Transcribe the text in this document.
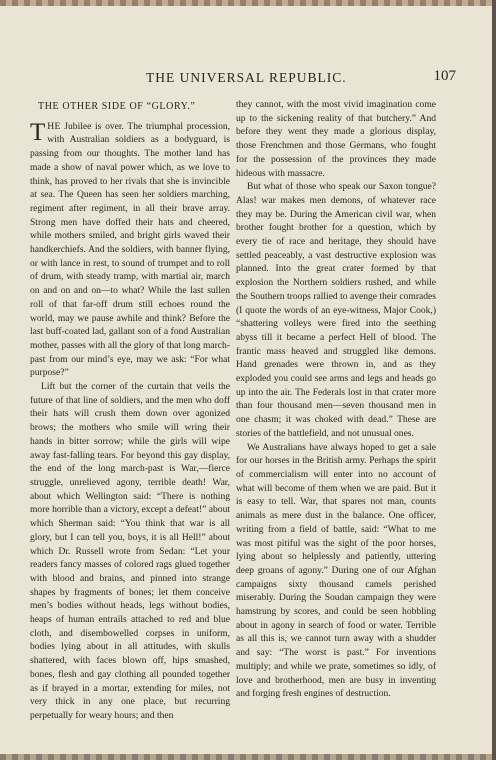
THE UNIVERSAL REPUBLIC.	107
THE OTHER SIDE OF “GLORY.”

THE Jubilee is over. The triumphal procession, with Australian soldiers as a bodyguard, is passing from our thoughts. The mother land has made a show of naval power which, as we love to think, has proved to her rivals that she is invincible at sea. The Queen has seen her soldiers marching, regiment after regiment, in all their brave array. Strong men have doffed their hats and cheered, while mothers smiled, and bright girls waved their handkerchiefs. And the soldiers, with banner flying, or with lance in rest, to sound of trumpet and to roll of drum, with steady tramp, with martial air, march on and on and on—to what? While the last sullen roll of that far-off drum still echoes round the world, may we pause awhile and think? Before the last buff-coated lad, gallant son of a fond Australian mother, passes with all the glory of that long march-past from our mind’s eye, may we ask: “For what purpose?”

Lift but the corner of the curtain that veils the future of that line of soldiers, and the men who doff their hats will crush them down over agonized brows; the mothers who smile will wring their hands in bitter sorrow; while the girls will wipe away fast-falling tears. For beyond this gay display, the end of the long march-past is War,—fierce struggle, unrelieved agony, terrible death! War, about which Wellington said: “There is nothing more horrible than a victory, except a defeat!” about which Sherman said: “You think that war is all glory, but I can tell you, boys, it is all Hell!” about which Dr. Russell wrote from Sedan: “Let your readers fancy masses of colored rags glued together with blood and brains, and pinned into strange shapes by fragments of bones; let them conceive men’s bodies without heads, legs without bodies, heaps of human entrails attached to red and blue cloth, and disembowelled corpses in uniform, bodies lying about in all attitudes, with skulls shattered, with faces blown off, hips smashed, bones, flesh and gay clothing all pounded together as if brayed in a mortar, extending for miles, not very thick in any one place, but recurring perpetually for weary hours; and then

they cannot, with the most vivid imagination come up to the sickening reality of that butchery.” And before they went they made a glorious display, those Frenchmen and those Germans, who fought for the possession of the provinces they made hideous with massacre.

But what of those who speak our Saxon tongue? Alas! war makes men demons, of whatever race they may be. During the American civil war, when brother fought brother for a question, which by every tie of race and heritage, they should have settled peaceably, a vast destructive explosion was planned. Into the great crater formed by that explosion the Northern soldiers rushed, and while the Southern troops rallied to avenge their comrades (I quote the words of an eye-witness, Major Cook,) “shattering volleys were fired into the seething abyss till it became a perfect Hell of blood. The frantic mass heaved and struggled like demons. Hand grenades were thrown in, and as they exploded you could see arms and legs and heads go up into the air. The Federals lost in that crater more than four thousand men—seven thousand men in one chasm; it was choked with dead.” These are stories of the battlefield, and not unusual ones.

We Australians have always hoped to get a sale for our horses in the British army. Perhaps the spirit of commercialism will enter into no account of what will become of them when we are paid. But it is easy to tell. War, that spares not man, counts animals as mere dust in the balance. One officer, writing from a field of battle, said: “What to me was most pitiful was the sight of the poor horses, lying about so helplessly and patiently, uttering deep groans of agony.” During one of our Afghan campaigns sixty thousand camels perished miserably. During the Soudan campaign they were hamstrung by scores, and could be seen hobbling about in agony in search of food or water. Terrible as all this is, we cannot turn away with a shudder and say: “The worst is past.” For inventions multiply; and while we prate, sometimes so idly, of love and brotherhood, men are busy in inventing and forging fresh engines of destruction.
